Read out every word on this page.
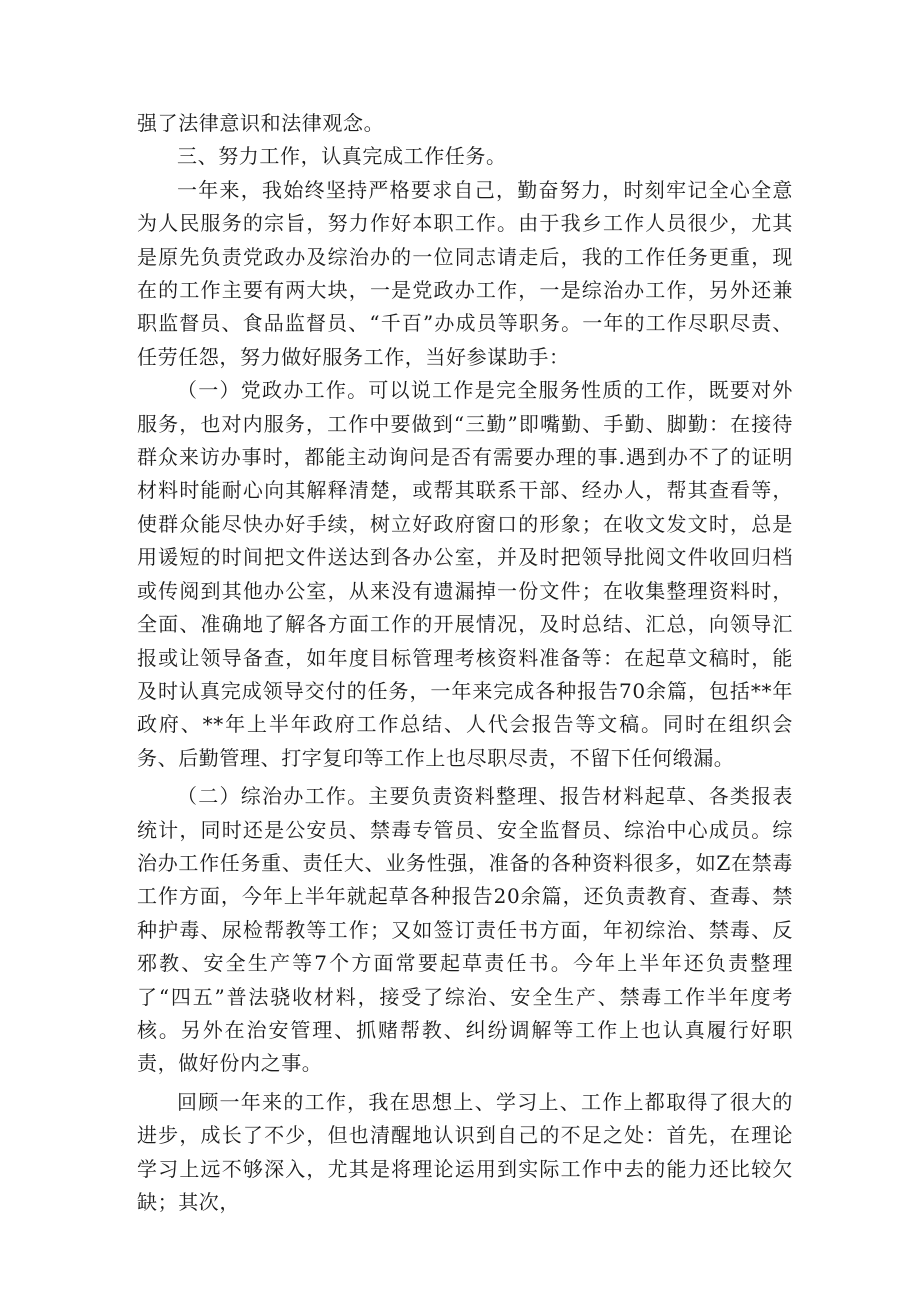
强了法律意识和法律观念。

三、努力工作，认真完成工作任务。

一年来，我始终坚持严格要求自己，勤奋努力，时刻牢记全心全意为人民服务的宗旨，努力作好本职工作。由于我乡工作人员很少，尤其是原先负责党政办及综治办的一位同志请走后，我的工作任务更重，现在的工作主要有两大块，一是党政办工作，一是综治办工作，另外还兼职监督员、食品监督员、“千百”办成员等职务。一年的工作尽职尽责、任劳任怨，努力做好服务工作，当好参谋助手：

（一）党政办工作。可以说工作是完全服务性质的工作，既要对外服务，也对内服务，工作中要做到“三勤”即嘴勤、手勤、脚勤：在接待群众来访办事时，都能主动询问是否有需要办理的事.遇到办不了的证明材料时能耐心向其解释清楚，或帮其联系干部、经办人，帮其查看等，使群众能尽快办好手续，树立好政府窗口的形象；在收文发文时，总是用谖短的时间把文件送达到各办公室，并及时把领导批阅文件收回归档或传阅到其他办公室，从来没有遗漏掉一份文件；在收集整理资料时，全面、准确地了解各方面工作的开展情况，及时总结、汇总，向领导汇报或让领导备查，如年度目标管理考核资料准备等：在起草文稿时，能及时认真完成领导交付的任务，一年来完成各种报告70余篇，包括**年政府、**年上半年政府工作总结、人代会报告等文稿。同时在组织会务、后勤管理、打字复印等工作上也尽职尽责，不留下任何缎漏。

（二）综治办工作。主要负责资料整理、报告材料起草、各类报表统计，同时还是公安员、禁毒专管员、安全监督员、综治中心成员。综治办工作任务重、责任大、业务性强，准备的各种资料很多，如Z在禁毒工作方面，今年上半年就起草各种报告20余篇，还负责教育、查毒、禁种护毒、尿检帮教等工作；又如签订责任书方面，年初综治、禁毒、反邪教、安全生产等7个方面常要起草责任书。今年上半年还负责整理了“四五”普法骁收材料，接受了综治、安全生产、禁毒工作半年度考核。另外在治安管理、抓赌帮教、纠纷调解等工作上也认真履行好职责，做好份内之事。

回顾一年来的工作，我在思想上、学习上、工作上都取得了很大的进步，成长了不少，但也清醒地认识到自己的不足之处：首先，在理论学习上远不够深入，尤其是将理论运用到实际工作中去的能力还比较欠缺；其次，
